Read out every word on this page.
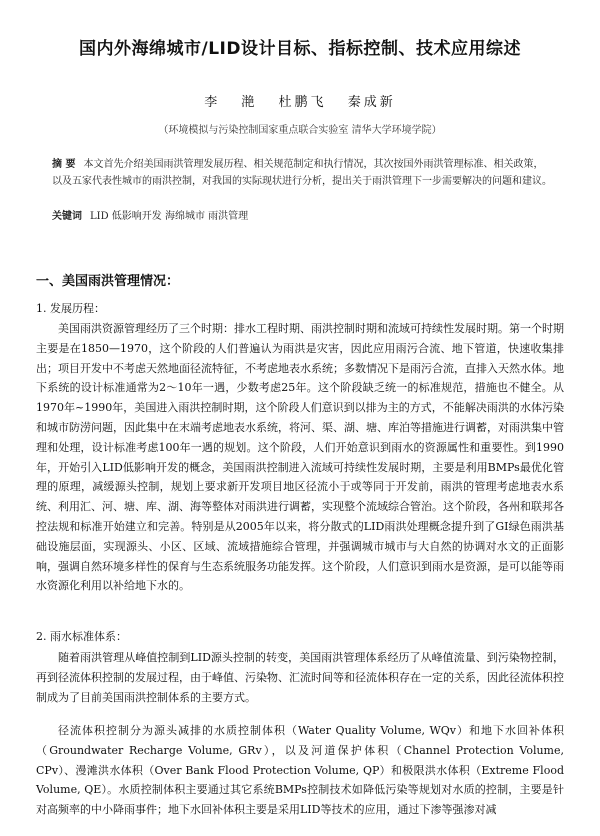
国内外海绵城市/LID设计目标、指标控制、技术应用综述
李 滟 杜鹏飞 秦成新
（环境模拟与污染控制国家重点联合实验室 清华大学环境学院）
摘 要 本文首先介绍美国雨洪管理发展历程、相关规范制定和执行情况，其次按国外雨洪管理标准、相关政策，以及五家代表性城市的雨洪控制，对我国的实际现状进行分析，提出关于雨洪管理下一步需要解决的问题和建议。
关键词 LID 低影响开发 海绵城市 雨洪管理
一、美国雨洪管理情况：
1. 发展历程：

美国雨洪资源管理经历了三个时期：排水工程时期、雨洪控制时期和流域可持续性发展时期。第一个时期主要是在1850—1970，这个阶段的人们普遍认为雨洪是灾害，因此应用雨污合流、地下管道，快速收集排出；项目开发中不考虑天然地面径流特征，不考虑地表水系统；多数情况下是雨污合流，直排入天然水体。地下系统的设计标准通常为2～10年一遇，少数考虑25年。这个阶段缺乏统一的标准规范，措施也不健全。从1970年~1990年，美国进入雨洪控制时期，这个阶段人们意识到以排为主的方式，不能解决雨洪的水体污染和城市防涝问题，因此集中在末端考虑地表水系统，将河、渠、湖、塘、库泊等措施进行调蓄，对雨洪集中管理和处理，设计标准考虑100年一遇的规划。这个阶段，人们开始意识到雨水的资源属性和重要性。到1990年，开始引入LID低影响开发的概念，美国雨洪控制进入流域可持续性发展时期，主要是利用BMPs最优化管理的原理，减缓源头控制，规划上要求新开发项目地区径流小于或等同于开发前，雨洪的管理考虑地表水系统、利用汇、河、塘、库、湖、海等整体对雨洪进行调蓄，实现整个流域综合管治。这个阶段，各州和联邦各控法规和标准开始建立和完善。特别是从2005年以来，将分散式的LID雨洪处理概念提升到了GI绿色雨洪基础设施层面，实现源头、小区、区域、流域措施综合管理，并强调城市城市与大自然的协调对水文的正面影响，强调自然环境多样性的保育与生态系统服务功能发挥。这个阶段，人们意识到雨水是资源，是可以能等雨水资源化利用以补给地下水的。

2. 雨水标准体系：

随着雨洪管理从峰值控制到LID源头控制的转变，美国雨洪管理体系经历了从峰值流量、到污染物控制，再到径流体积控制的发展过程，由于峰值、污染物、汇流时间等和径流体积存在一定的关系，因此径流体积控制成为了目前美国雨洪控制体系的主要方式。

径流体积控制分为源头减排的水质控制体积（Water Quality Volume, WQv）和地下水回补体积（Groundwater Recharge Volume, GRv），以及河道保护体积（Channel Protection Volume, CPv）、漫滩洪水体积（Over Bank Flood Protection Volume, QP）和极限洪水体积（Extreme Flood Volume, QE）。水质控制体积主要通过其它系统BMPs控制技术如降低污染等规划对水质的控制，主要是针对高频率的中小降雨事件；地下水回补体积主要是采用LID等技术的应用，通过下渗等强渗对减
